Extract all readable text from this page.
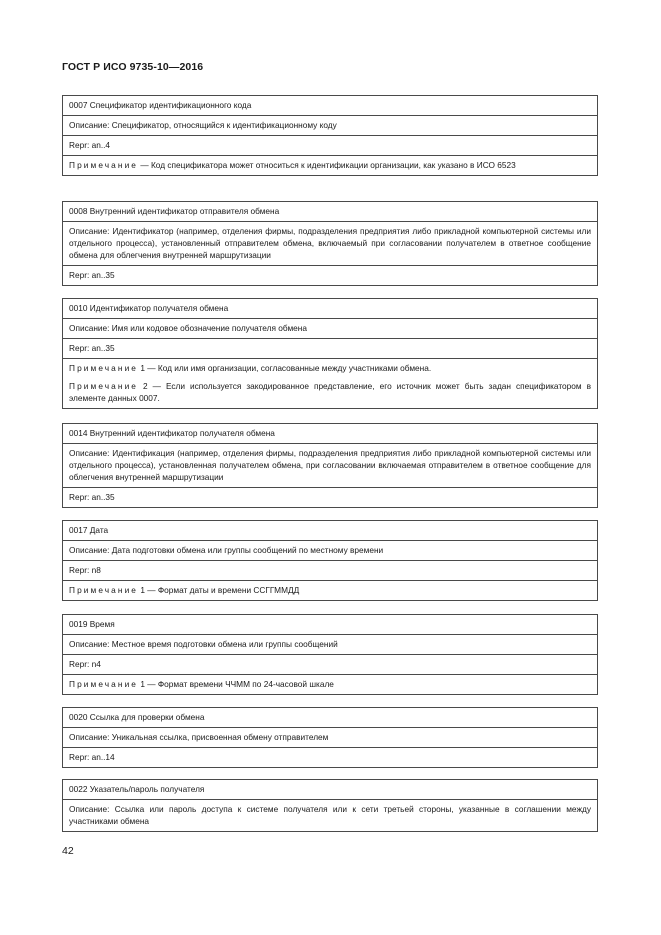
ГОСТ Р ИСО 9735-10—2016
0007 Спецификатор идентификационного кода
Описание: Спецификатор, относящийся к идентификационному коду
Repr: an..4

Примечание — Код спецификатора может относиться к идентификации организации, как указано в ИСО 6523

0008 Внутренний идентификатор отправителя обмена
Описание: Идентификатор (например, отделения фирмы, подразделения предприятия либо прикладной компьютерной системы или отдельного процесса), установленный отправителем обмена, включаемый при согласовании получателем в ответное сообщение обмена для облегчения внутренней маршрутизации
Repr: an..35
0010 Идентификатор получателя обмена
Описание: Имя или кодовое обозначение получателя обмена
Repr: an..35

Примечание 1 — Код или имя организации, согласованные между участниками обмена.

Примечание 2 — Если используется закодированное представление, его источник может быть задан спецификатором в элементе данных 0007.

0014 Внутренний идентификатор получателя обмена
Описание: Идентификация (например, отделения фирмы, подразделения предприятия либо прикладной компьютерной системы или отдельного процесса), установленная получателем обмена, при согласовании включаемая отправителем в ответное сообщение для облегчения внутренней маршрутизации
Repr: an..35
0017 Дата
Описание: Дата подготовки обмена или группы сообщений по местному времени
Repr: n8

Примечание 1 — Формат даты и времени ССГГММДД

0019 Время
Описание: Местное время подготовки обмена или группы сообщений
Repr: n4

Примечание 1 — Формат времени ЧЧММ по 24-часовой шкале

0020 Ссылка для проверки обмена
Описание: Уникальная ссылка, присвоенная обмену отправителем
Repr: an..14
0022 Указатель/пароль получателя
Описание: Ссылка или пароль доступа к системе получателя или к сети третьей стороны, указанные в соглашении между участниками обмена
42
